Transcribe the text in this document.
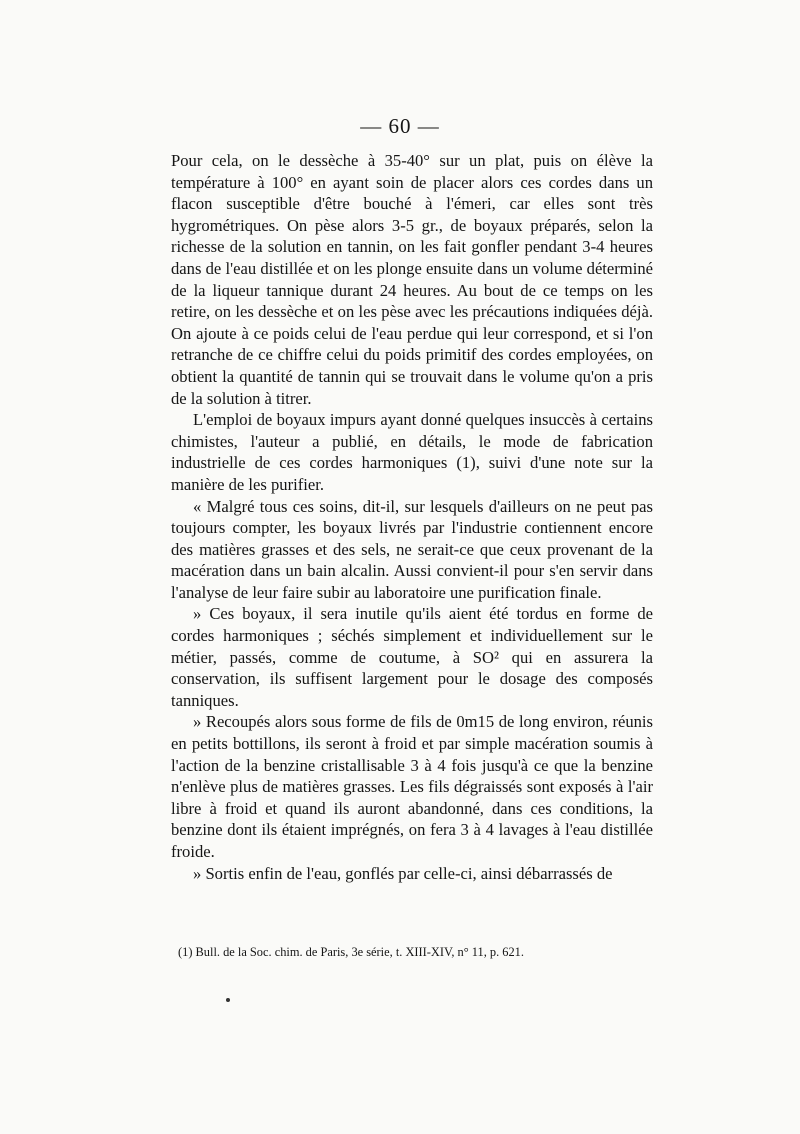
— 60 —

Pour cela, on le dessèche à 35-40° sur un plat, puis on élève la température à 100° en ayant soin de placer alors ces cordes dans un flacon susceptible d'être bouché à l'émeri, car elles sont très hygrométriques. On pèse alors 3-5 gr., de boyaux préparés, selon la richesse de la solution en tannin, on les fait gonfler pendant 3-4 heures dans de l'eau distillée et on les plonge ensuite dans un volume déterminé de la liqueur tannique durant 24 heures. Au bout de ce temps on les retire, on les dessèche et on les pèse avec les précautions indiquées déjà. On ajoute à ce poids celui de l'eau perdue qui leur correspond, et si l'on retranche de ce chiffre celui du poids primitif des cordes employées, on obtient la quantité de tannin qui se trouvait dans le volume qu'on a pris de la solution à titrer.

L'emploi de boyaux impurs ayant donné quelques insuccès à certains chimistes, l'auteur a publié, en détails, le mode de fabrication industrielle de ces cordes harmoniques (1), suivi d'une note sur la manière de les purifier.

« Malgré tous ces soins, dit-il, sur lesquels d'ailleurs on ne peut pas toujours compter, les boyaux livrés par l'industrie contiennent encore des matières grasses et des sels, ne serait-ce que ceux provenant de la macération dans un bain alcalin. Aussi convient-il pour s'en servir dans l'analyse de leur faire subir au laboratoire une purification finale.

» Ces boyaux, il sera inutile qu'ils aient été tordus en forme de cordes harmoniques ; séchés simplement et individuellement sur le métier, passés, comme de coutume, à SO² qui en assurera la conservation, ils suffisent largement pour le dosage des composés tanniques.

» Recoupés alors sous forme de fils de 0m15 de long environ, réunis en petits bottillons, ils seront à froid et par simple macération soumis à l'action de la benzine cristallisable 3 à 4 fois jusqu'à ce que la benzine n'enlève plus de matières grasses. Les fils dégraissés sont exposés à l'air libre à froid et quand ils auront abandonné, dans ces conditions, la benzine dont ils étaient imprégnés, on fera 3 à 4 lavages à l'eau distillée froide.

» Sortis enfin de l'eau, gonflés par celle-ci, ainsi débarrassés de

(1) Bull. de la Soc. chim. de Paris, 3e série, t. XIII-XIV, n° 11, p. 621.
